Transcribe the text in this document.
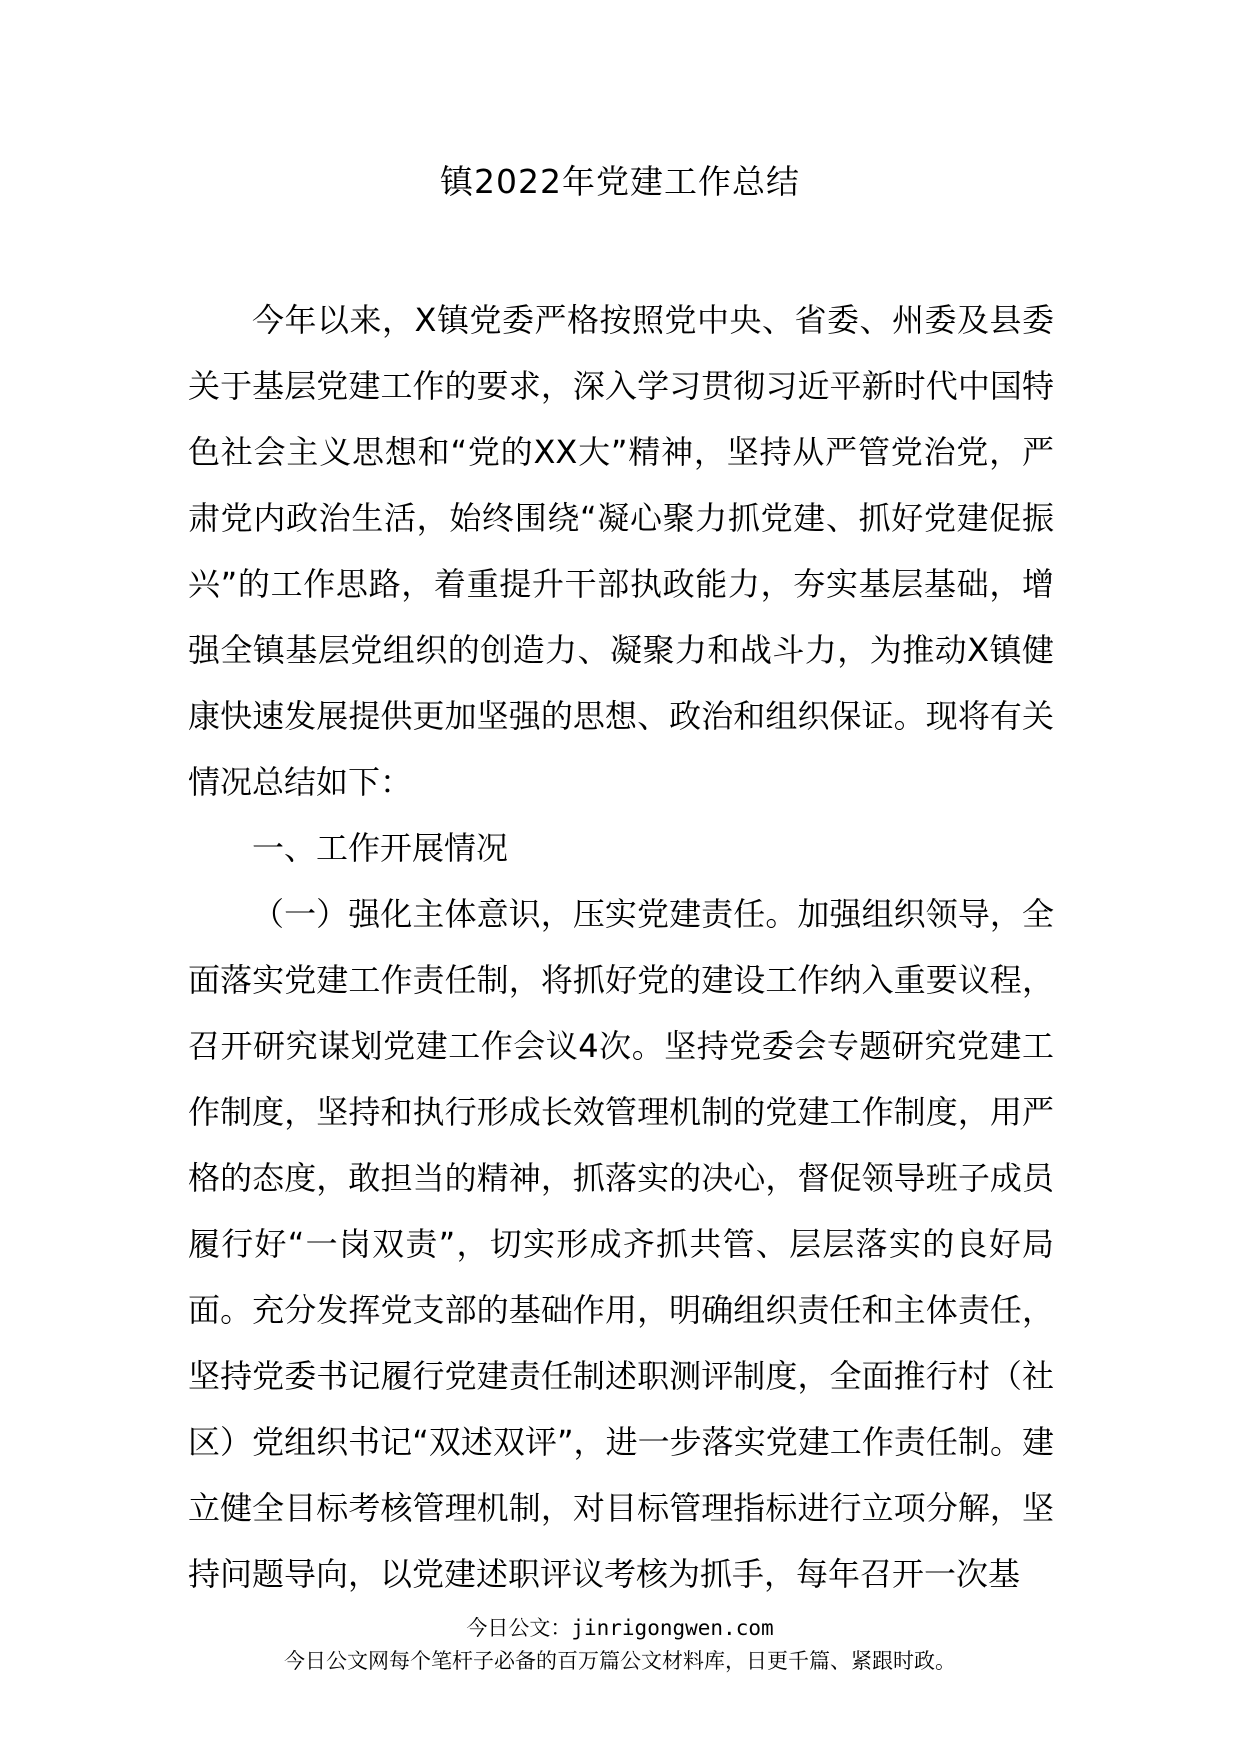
镇2022年党建工作总结

今年以来，X镇党委严格按照党中央、省委、州委及县委关于基层党建工作的要求，深入学习贯彻习近平新时代中国特色社会主义思想和“党的XX大”精神，坚持从严管党治党，严肃党内政治生活，始终围绕“凝心聚力抓党建、抓好党建促振兴”的工作思路，着重提升干部执政能力，夯实基层基础，增强全镇基层党组织的创造力、凝聚力和战斗力，为推动X镇健康快速发展提供更加坚强的思想、政治和组织保证。现将有关情况总结如下：

一、工作开展情况

（一）强化主体意识，压实党建责任。加强组织领导，全面落实党建工作责任制，将抓好党的建设工作纳入重要议程，召开研究谋划党建工作会议4次。坚持党委会专题研究党建工作制度，坚持和执行形成长效管理机制的党建工作制度，用严格的态度，敢担当的精神，抓落实的决心，督促领导班子成员履行好“一岗双责”，切实形成齐抓共管、层层落实的良好局面。充分发挥党支部的基础作用，明确组织责任和主体责任，坚持党委书记履行党建责任制述职测评制度，全面推行村（社区）党组织书记“双述双评”，进一步落实党建工作责任制。建立健全目标考核管理机制，对目标管理指标进行立项分解，坚持问题导向，以党建述职评议考核为抓手，每年召开一次基

今日公文：jinrigongwen.com
今日公文网每个笔杆子必备的百万篇公文材料库，日更千篇、紧跟时政。
